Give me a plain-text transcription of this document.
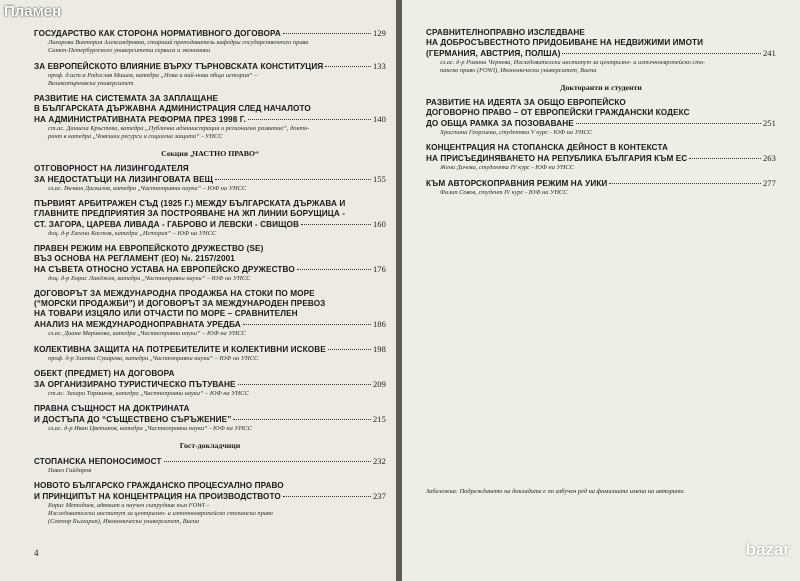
ГОСУДАРСТВО КАК СТОРОНА НОРМАТИВНОГО ДОГОВОРА	129
Лиғарова Виктория Александровна, старший преподаватель кафедры государственного права
Санкт-Петербургского университета сервиса и экономики
ЗА ЕВРОПЕЙСКОТО ВЛИЯНИЕ ВЪРХУ ТЪРНОВСКАТА КОНСТИТУЦИЯ	133
проф. д.ист.н Радослав Мишев, катедра „Нова и най-нова обща история“ –
Великотърновски университет
РАЗВИТИЕ НА СИСТЕМАТА ЗА ЗАПЛАЩАНЕ
В БЪЛГАРСКАТА ДЪРЖАВНА АДМИНИСТРАЦИЯ СЛЕД НАЧАЛОТО
НА АДМИНИСТРАТИВНАТА РЕФОРМА ПРЕЗ 1998 Г.	140
ст.ас. Даниела Кръстева, катедра „Публична администрация и регионално развитие“, докто-
рант в катедра „Човешки ресурси и социална защита“ - УНСС
Секция „ЧАСТНО ПРАВО“
ОТГОВОРНОСТ НА ЛИЗИНГОДАТЕЛЯ
ЗА НЕДОСТАТЪЦИ НА ЛИЗИНГОВАТА ВЕЩ	155
гл.ас. Въчван Даскалов, катедра „Частноправни науки“ – ЮФ на УНСС
ПЪРВИЯТ АРБИТРАЖЕН СЪД (1925 Г.) МЕЖДУ БЪЛГАРСКАТА ДЪРЖАВА И
ГЛАВНИТЕ ПРЕДПРИЯТИЯ ЗА ПОСТРОЯВАНЕ НА ЖП ЛИНИИ БОРУЩИЦА -
СТ. ЗАГОРА, ЦАРЕВА ЛИВАДА - ГАБРОВО И ЛЕВСКИ - СВИЩОВ	160
доц. д-р Евгени Костов, катедра „История“ – ЮФ на УНСС
ПРАВЕН РЕЖИМ НА ЕВРОПЕЙСКОТО ДРУЖЕСТВО (SE)
ВЪЗ ОСНОВА НА РЕГЛАМЕНТ (ЕО) №. 2157/2001
НА СЪВЕТА ОТНОСНО УСТАВА НА ЕВРОПЕЙСКО ДРУЖЕСТВО	176
доц. д-р Борис Ланджев, катедра „Частноправни науки“ – ЮФ на УНСС
ДОГОВОРЪТ ЗА МЕЖДУНАРОДНА ПРОДАЖБА НА СТОКИ ПО МОРЕ
(“МОРСКИ ПРОДАЖБИ”) И ДОГОВОРЪТ ЗА МЕЖДУНАРОДЕН ПРЕВОЗ
НА ТОВАРИ ИЗЦЯЛО ИЛИ ОТЧАСТИ ПО МОРЕ – СРАВНИТЕЛЕН
АНАЛИЗ НА МЕЖДУНАРОДНОПРАВНАТА УРЕДБА	186
гл.ас. Диана Маринова, катедра „Частноправни науки“ – ЮФ на УНСС
КОЛЕКТИВНА ЗАЩИТА НА ПОТРЕБИТЕЛИТЕ И КОЛЕКТИВНИ ИСКОВЕ	198
проф. д-р Златка Сукарева, катедра „Частноправни науки“ – ЮФ на УНСС
ОБЕКТ (ПРЕДМЕТ) НА ДОГОВОРА
ЗА ОРГАНИЗИРАНО ТУРИСТИЧЕСКО ПЪТУВАНЕ	209
ст.ас. Захари Торманов, катедра „Частноправни науки“ – ЮФ на УНСС
ПРАВНА СЪЩНОСТ НА ДОКТРИНАТА
И ДОСТЪПА ДО “СЪЩЕСТВЕНО СЪРЪЖЕНИЕ”	215
гл.ас. д-р Иван Цветанов, катедра „Частноправни науки“ - ЮФ на УНСС
Гост-докладчици
СТОПАНСКА НЕПОНОСИМОСТ	232
Павел Гайдаров
НОВОТО БЪЛГАРСКО ГРАЖДАНСКО ПРОЦЕСУАЛНО ПРАВО
И ПРИНЦИПЪТ НА КОНЦЕНТРАЦИЯ НА ПРОИЗВОДСТВОТО	237
Борис Методиев, адвокат и научен сътрудник към FOWI –
Изследователски институт за централно- и източноевропейско стопанско право
(Сектор България), Икономически университет, Виена
4
Пламен
СРАВНИТЕЛНОПРАВНО ИЗСЛЕДВАНЕ
НА ДОБРОСЪВЕСТНОТО ПРИДОБИВАНЕ НА НЕДВИЖИМИ ИМОТИ
(ГЕРМАНИЯ, АВСТРИЯ, ПОЛША)	241
гл.ас. д-р Романа Чернева, Изследователски институт за централно- и източноевропейско сто-
панско право (FOWI), Икономически университет, Виена
Докторанти и студенти
РАЗВИТИЕ НА ИДЕЯТА ЗА ОБЩО ЕВРОПЕЙСКО
ДОГОВОРНО ПРАВО – ОТ ЕВРОПЕЙСКИ ГРАЖДАНСКИ КОДЕКС
ДО ОБЩА РАМКА ЗА ПОЗОВАВАНЕ	251
Христина Георгиева, студентка V курс - ЮФ на УНСС
КОНЦЕНТРАЦИЯ НА СТОПАНСКА ДЕЙНОСТ В КОНТЕКСТА
НА ПРИСЪЕДИНЯВАНЕТО НА РЕПУБЛИКА БЪЛГАРИЯ КЪМ ЕС	263
Жени Дичева, студентка IV курс - ЮФ на УНСС
КЪМ АВТОРСКОПРАВНИЯ РЕЖИМ НА УИКИ	277
Филип Совов, студент IV курс - ЮФ на УНСС
Забележка: Подреждането на докладите е по азбучен ред на фамилиите имена на авторите.
bazar
